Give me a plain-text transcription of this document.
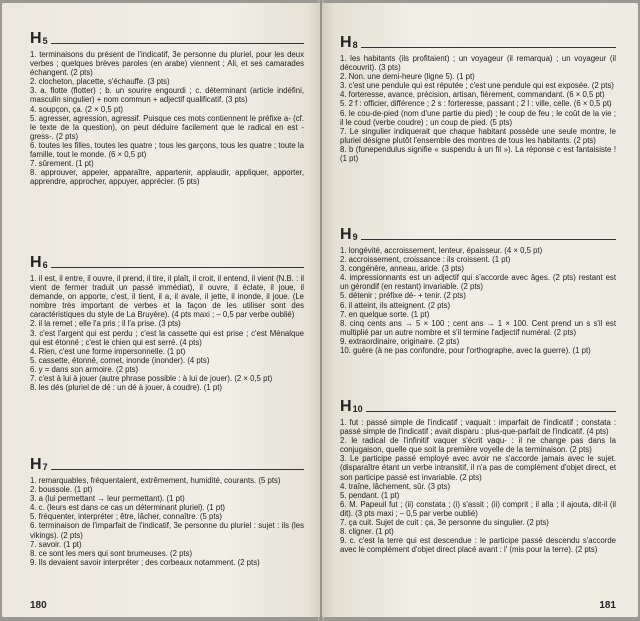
H 5
1. terminaisons du présent de l'indicatif, 3e personne du pluriel, pour les deux verbes ; quelques brèves paroles (en arabe) viennent ; Ali, et ses camarades échangent. (2 pts)
2. clocheton, placette, s'échauffe. (3 pts)
3. a. flotte (flotter) ; b. un sourire engourdi ; c. déterminant (article indéfini, masculin singulier) + nom commun + adjectif qualificatif. (3 pts)
4. soupçon, ça. (2 × 0,5 pt)
5. agresser, agression, agressif. Puisque ces mots contiennent le préfixe a- (cf. le texte de la question), on peut déduire facilement que le radical en est -gress-. (2 pts)
6. toutes les filles, toutes les quatre ; tous les garçons, tous les quatre ; toute la famille, tout le monde. (6 × 0,5 pt)
7. sûrement. (1 pt)
8. approuver, appeler, apparaître, appartenir, applaudir, appliquer, apporter, apprendre, approcher, appuyer, apprécier. (5 pts)
H 6
1. il est, il entre, il ouvre, il prend, il tire, il plaît, il croit, il entend, il vient (N.B. : il vient de fermer traduit un passé immédiat), il ouvre, il éclate, il joue, il demande, on apporte, c'est, il tient, il a, il avale, il jette, il inonde, il joue. (Le nombre très important de verbes et la façon de les utiliser sont des caractéristiques du style de La Bruyère). (4 pts maxi ; – 0,5 par verbe oublié)
2. il la remet ; elle l'a pris ; il l'a prise. (3 pts)
3. c'est l'argent qui est perdu ; c'est la cassette qui est prise ; c'est Ménalque qui est étonné ; c'est le chien qui est serré. (4 pts)
4. Rien, c'est une forme impersonnelle. (1 pt)
5. cassette, étonné, cornet, inonde (inonder). (4 pts)
6. y = dans son armoire. (2 pts)
7. c'est à lui à jouer (autre phrase possible : à lui de jouer). (2 × 0,5 pt)
8. les dés (pluriel de dé : un dé à jouer, à coudre). (1 pt)
H 7
1. remarquables, fréquentaient, extrêmement, humidité, courants. (5 pts)
2. boussole. (1 pt)
3. a (lui permettant → leur permettant). (1 pt)
4. c. (leurs est dans ce cas un déterminant pluriel). (1 pt)
5. fréquenter, interpréter ; être, lâcher, connaître. (5 pts)
6. terminaison de l'imparfait de l'indicatif, 3e personne du pluriel : sujet : ils (les vikings). (2 pts)
7. savoir. (1 pt)
8. ce sont les mers qui sont brumeuses. (2 pts)
9. Ils devaient savoir interpréter ; des corbeaux notamment. (2 pts)
180
H 8
1. les habitants (ils profitaient) ; un voyageur (il remarqua) ; un voyageur (il découvrit). (3 pts)
2. Non. une demi-heure (ligne 5). (1 pt)
3. c'est une pendule qui est réputée ; c'est une pendule qui est exposée. (2 pts)
4. forteresse, avance, précision, artisan, fièrement, commandant. (6 × 0,5 pt)
5. 2 f : officier, différence ; 2 s : forteresse, passant ; 2 l : ville, celle. (6 × 0,5 pt)
6. le cou-de-pied (nom d'une partie du pied) ; le coup de feu ; le coût de la vie ; il le coud (verbe coudre) ; un coup de pied. (5 pts)
7. Le singulier indiquerait que chaque habitant possède une seule montre, le pluriel désigne plutôt l'ensemble des montres de tous les habitants. (2 pts)
8. b (funependulus signifie « suspendu à un fil »). La réponse c est fantaisiste ! (1 pt)
H 9
1. longévité, accroissement, lenteur, épaisseur. (4 × 0,5 pt)
2. accroissement, croissance : ils croissent. (1 pt)
3. congénère, anneau, aride. (3 pts)
4. impressionnants est un adjectif qui s'accorde avec âges. (2 pts) restant est un gérondif (en restant) invariable. (2 pts)
5. détenir ; préfixe dé- + tenir. (2 pts)
6. il atteint, ils atteignent. (2 pts)
7. en quelque sorte. (1 pt)
8. cinq cents ans → 5 × 100 ; cent ans → 1 × 100. Cent prend un s s'il est multiplié par un autre nombre et s'il termine l'adjectif numéral. (2 pts)
9. extraordinaire, originaire. (2 pts)
10. guère (à ne pas confondre, pour l'orthographe, avec la guerre). (1 pt)
H 10
1. fut : passé simple de l'indicatif ; vaquait : imparfait de l'indicatif ; constata : passé simple de l'indicatif ; avait disparu : plus-que-parfait de l'indicatif. (4 pts)
2. le radical de l'infinitif vaquer s'écrit vaqu- : il ne change pas dans la conjugaison, quelle que soit la première voyelle de la terminaison. (2 pts)
3. Le participe passé employé avec avoir ne s'accorde jamais avec le sujet. (disparaître étant un verbe intransitif, il n'a pas de complément d'objet direct, et son participe passé est invariable. (2 pts)
4. traîne, lâchement, sûr. (3 pts)
5. pendant. (1 pt)
6. M. Papeuil fut ; (ii) constata ; (i) s'assit ; (ii) comprit ; il alla ; il ajouta, dit-il (il dit). (3 pts maxi ; – 0,5 par verbe oublié)
7. ça cuit. Sujet de cuit : ça, 3e personne du singulier. (2 pts)
8. cligner. (1 pt)
9. c. c'est la terre qui est descendue : le participe passé descendu s'accorde avec le complément d'objet direct placé avant : l' (mis pour la terre). (2 pts)
181
